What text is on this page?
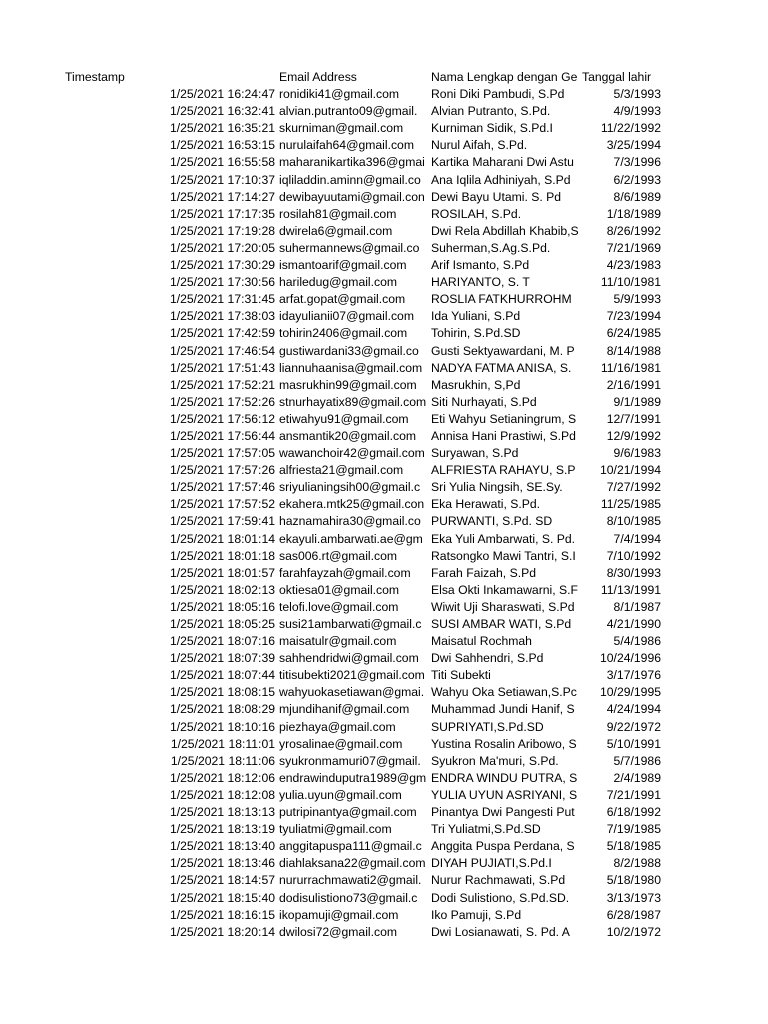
Timestamp	Email Address	Nama Lengkap dengan Ge	Tanggal lahir	
1/25/2021 16:24:47	ronidiki41@gmail.com	Roni Diki Pambudi, S.Pd	5/3/1993	
1/25/2021 16:32:41	alvian.putranto09@gmail.	Alvian Putranto, S.Pd.	4/9/1993	
1/25/2021 16:35:21	skurniman@gmail.com	Kurniman Sidik, S.Pd.I	11/22/1992	
1/25/2021 16:53:15	nurulaifah64@gmail.com	Nurul Aifah, S.Pd.	3/25/1994	
1/25/2021 16:55:58	maharanikartika396@gmai	Kartika Maharani Dwi Astu	7/3/1996	
1/25/2021 17:10:37	iqliladdin.aminn@gmail.co	Ana Iqlila Adhiniyah, S.Pd	6/2/1993	
1/25/2021 17:14:27	dewibayuutami@gmail.con	Dewi Bayu Utami. S. Pd	8/6/1989	
1/25/2021 17:17:35	rosilah81@gmail.com	ROSILAH, S.Pd.	1/18/1989	
1/25/2021 17:19:28	dwirela6@gmail.com	Dwi Rela Abdillah Khabib,S	8/26/1992	
1/25/2021 17:20:05	suhermannews@gmail.co	Suherman,S.Ag.S.Pd.	7/21/1969	
1/25/2021 17:30:29	ismantoarif@gmail.com	Arif Ismanto, S.Pd	4/23/1983	
1/25/2021 17:30:56	hariledug@gmail.com	HARIYANTO, S. T	11/10/1981	
1/25/2021 17:31:45	arfat.gopat@gmail.com	ROSLIA FATKHURROHM	5/9/1993	
1/25/2021 17:38:03	idayulianii07@gmail.com	Ida Yuliani, S.Pd	7/23/1994	
1/25/2021 17:42:59	tohirin2406@gmail.com	Tohirin, S.Pd.SD	6/24/1985	
1/25/2021 17:46:54	gustiwardani33@gmail.co	Gusti Sektyawardani, M. P	8/14/1988	
1/25/2021 17:51:43	liannuhaanisa@gmail.com	NADYA FATMA ANISA, S.	11/16/1981	
1/25/2021 17:52:21	masrukhin99@gmail.com	Masrukhin, S,Pd	2/16/1991	
1/25/2021 17:52:26	stnurhayatix89@gmail.com	Siti Nurhayati, S.Pd	9/1/1989	
1/25/2021 17:56:12	etiwahyu91@gmail.com	Eti Wahyu Setianingrum, S	12/7/1991	
1/25/2021 17:56:44	ansmantik20@gmail.com	Annisa Hani Prastiwi, S.Pd	12/9/1992	
1/25/2021 17:57:05	wawanchoir42@gmail.com	Suryawan, S.Pd	9/6/1983	
1/25/2021 17:57:26	alfriesta21@gmail.com	ALFRIESTA RAHAYU, S.P	10/21/1994	
1/25/2021 17:57:46	sriyulianingsih00@gmail.c	Sri Yulia Ningsih, SE.Sy.	7/27/1992	
1/25/2021 17:57:52	ekahera.mtk25@gmail.con	Eka Herawati, S.Pd.	11/25/1985	
1/25/2021 17:59:41	haznamahira30@gmail.co	PURWANTI, S.Pd. SD	8/10/1985	
1/25/2021 18:01:14	ekayuli.ambarwati.ae@gm	Eka Yuli Ambarwati, S. Pd.	7/4/1994	
1/25/2021 18:01:18	sas006.rt@gmail.com	Ratsongko Mawi Tantri, S.I	7/10/1992	
1/25/2021 18:01:57	farahfayzah@gmail.com	Farah Faizah, S.Pd	8/30/1993	
1/25/2021 18:02:13	oktiesa01@gmail.com	Elsa Okti Inkamawarni, S.F	11/13/1991	
1/25/2021 18:05:16	telofi.love@gmail.com	Wiwit Uji Sharaswati, S.Pd	8/1/1987	
1/25/2021 18:05:25	susi21ambarwati@gmail.c	SUSI AMBAR WATI, S.Pd	4/21/1990	
1/25/2021 18:07:16	maisatulr@gmail.com	Maisatul Rochmah	5/4/1986	
1/25/2021 18:07:39	sahhendridwi@gmail.com	Dwi Sahhendri, S.Pd	10/24/1996	
1/25/2021 18:07:44	titisubekti2021@gmail.com	Titi Subekti	3/17/1976	
1/25/2021 18:08:15	wahyuokasetiawan@gmai.	Wahyu Oka Setiawan,S.Pc	10/29/1995	
1/25/2021 18:08:29	mjundihanif@gmail.com	Muhammad Jundi Hanif, S	4/24/1994	
1/25/2021 18:10:16	piezhaya@gmail.com	SUPRIYATI,S.Pd.SD	9/22/1972	
1/25/2021 18:11:01	yrosalinae@gmail.com	Yustina Rosalin Aribowo, S	5/10/1991	
1/25/2021 18:11:06	syukronmamuri07@gmail.	Syukron Ma'muri, S.Pd.	5/7/1986	
1/25/2021 18:12:06	endrawinduputra1989@gm	ENDRA WINDU PUTRA, S	2/4/1989	
1/25/2021 18:12:08	yulia.uyun@gmail.com	YULIA UYUN ASRIYANI, S	7/21/1991	
1/25/2021 18:13:13	putripinantya@gmail.com	Pinantya Dwi Pangesti Put	6/18/1992	
1/25/2021 18:13:19	tyuliatmi@gmail.com	Tri Yuliatmi,S.Pd.SD	7/19/1985	
1/25/2021 18:13:40	anggitapuspa111@gmail.c	Anggita Puspa Perdana, S	5/18/1985	
1/25/2021 18:13:46	diahlaksana22@gmail.com	DIYAH PUJIATI,S.Pd.I	8/2/1988	
1/25/2021 18:14:57	nururrachmawati2@gmail.	Nurur Rachmawati, S.Pd	5/18/1980	
1/25/2021 18:15:40	dodisulistiono73@gmail.c	Dodi Sulistiono, S.Pd.SD.	3/13/1973	
1/25/2021 18:16:15	ikopamuji@gmail.com	Iko Pamuji, S.Pd	6/28/1987	
1/25/2021 18:20:14	dwilosi72@gmail.com	Dwi Losianawati, S. Pd. A	10/2/1972	
